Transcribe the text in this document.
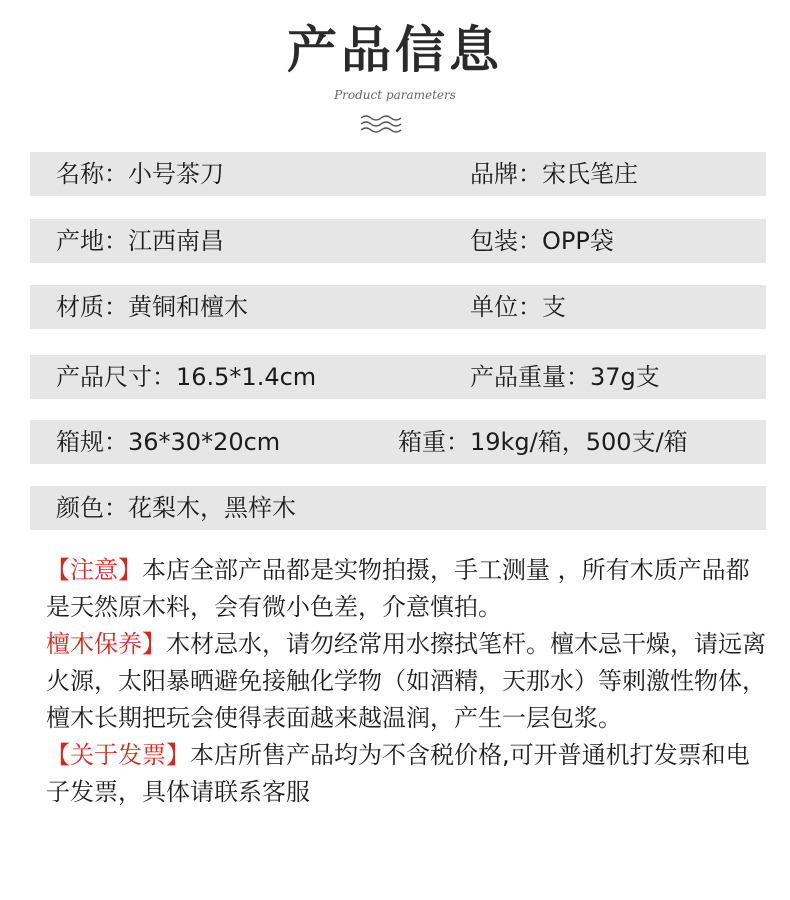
产品信息
Product parameters
名称：小号茶刀	品牌：宋氏笔庄
产地：江西南昌	包装：OPP袋
材质：黄铜和檀木	单位：支
产品尺寸：16.5*1.4cm	产品重量：37g支
箱规：36*30*20cm	箱重：19kg/箱，500支/箱
颜色：花梨木，黑梓木

【注意】本店全部产品都是实物拍摄，手工测量 ，所有木质产品都是天然原木料，会有微小色差，介意慎拍。

檀木保养】木材忌水，请勿经常用水擦拭笔杆。檀木忌干燥，请远离火源，太阳暴晒避免接触化学物（如酒精，天那水）等刺激性物体，檀木长期把玩会使得表面越来越温润，产生一层包浆。

【关于发票】本店所售产品均为不含税价格,可开普通机打发票和电子发票，具体请联系客服
